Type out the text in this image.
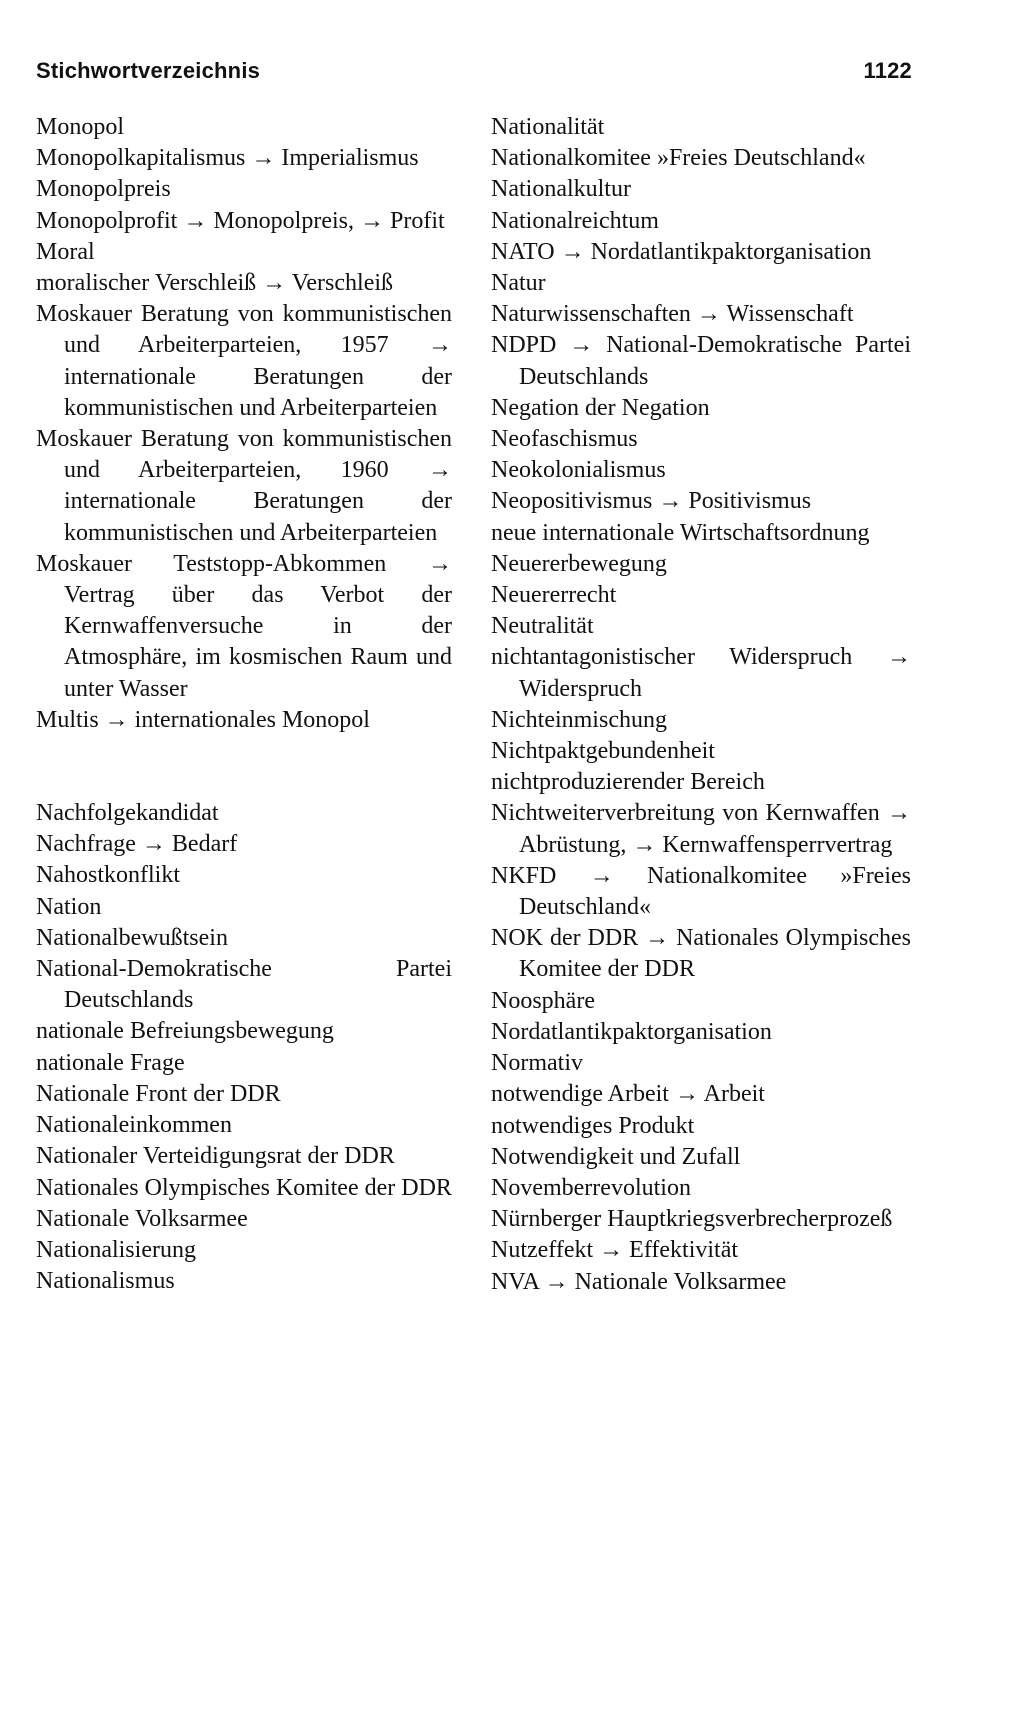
Stichwortverzeichnis	1122
Monopol
Monopolkapitalismus → Imperialismus
Monopolpreis
Monopolprofit → Monopolpreis, → Profit
Moral
moralischer Verschleiß → Verschleiß
Moskauer Beratung von kommunistischen und Arbeiterparteien, 1957 → internationale Beratungen der kommunistischen und Arbeiterparteien
Moskauer Beratung von kommunistischen und Arbeiterparteien, 1960 → internationale Beratungen der kommunistischen und Arbeiterparteien
Moskauer Teststopp-Abkommen → Vertrag über das Verbot der Kernwaffenversuche in der Atmosphäre, im kosmischen Raum und unter Wasser
Multis → internationales Monopol
Nachfolgekandidat
Nachfrage → Bedarf
Nahostkonflikt
Nation
Nationalbewußtsein
National-Demokratische Partei Deutschlands
nationale Befreiungsbewegung
nationale Frage
Nationale Front der DDR
Nationaleinkommen
Nationaler Verteidigungsrat der DDR
Nationales Olympisches Komitee der DDR
Nationale Volksarmee
Nationalisierung
Nationalismus
Nationalität
Nationalkomitee »Freies Deutschland«
Nationalkultur
Nationalreichtum
NATO → Nordatlantikpaktorganisation
Natur
Naturwissenschaften → Wissenschaft
NDPD → National-Demokratische Partei Deutschlands
Negation der Negation
Neofaschismus
Neokolonialismus
Neopositivismus → Positivismus
neue internationale Wirtschaftsordnung
Neuererbewegung
Neuererrecht
Neutralität
nichtantagonistischer Widerspruch → Widerspruch
Nichteinmischung
Nichtpaktgebundenheit
nichtproduzierender Bereich
Nichtweiterverbreitung von Kernwaffen → Abrüstung, → Kernwaffensperrvertrag
NKFD → Nationalkomitee »Freies Deutschland«
NOK der DDR → Nationales Olympisches Komitee der DDR
Noosphäre
Nordatlantikpaktorganisation
Normativ
notwendige Arbeit → Arbeit
notwendiges Produkt
Notwendigkeit und Zufall
Novemberrevolution
Nürnberger Hauptkriegsverbrecherprozeß
Nutzeffekt → Effektivität
NVA → Nationale Volksarmee
